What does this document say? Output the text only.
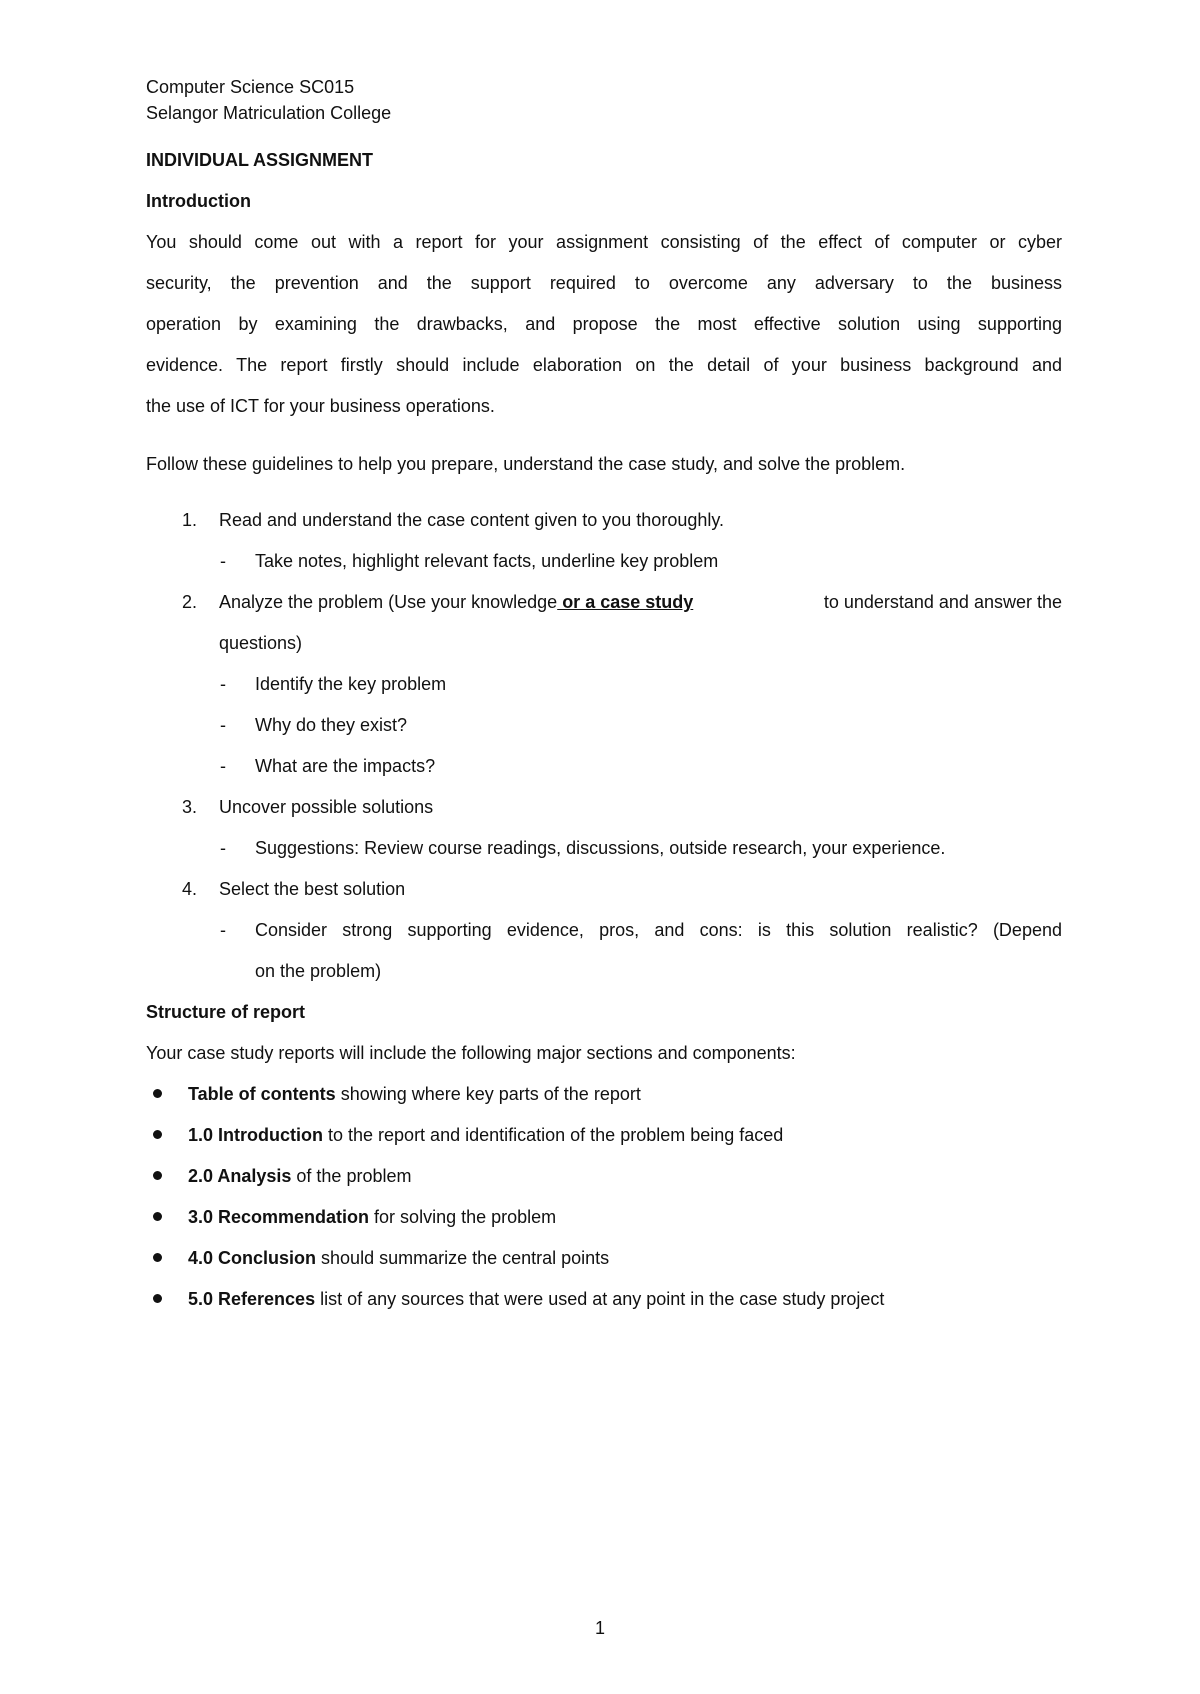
Computer Science SC015
Selangor Matriculation College
INDIVIDUAL ASSIGNMENT
Introduction
You should come out with a report for your assignment consisting of the effect of computer or cyber
security, the prevention and the support required to overcome any adversary to the business
operation by examining the drawbacks, and propose the most effective solution using supporting
evidence. The report firstly should include elaboration on the detail of your business background and
the use of ICT for your business operations.
Follow these guidelines to help you prepare, understand the case study, and solve the problem.
1. Read and understand the case content given to you thoroughly.
- Take notes, highlight relevant facts, underline key problem
2. Analyze the problem (Use your knowledge or a case study	to understand and answer the
questions)
- Identify the key problem
- Why do they exist?
- What are the impacts?
3. Uncover possible solutions
- Suggestions: Review course readings, discussions, outside research, your experience.
4. Select the best solution
- Consider strong supporting evidence, pros, and cons: is this solution realistic? (Depend
on the problem)
Structure of report
Your case study reports will include the following major sections and components:
Table of contents showing where key parts of the report
1.0 Introduction to the report and identification of the problem being faced
2.0 Analysis of the problem
3.0 Recommendation for solving the problem
4.0 Conclusion should summarize the central points
5.0 References list of any sources that were used at any point in the case study project
1
